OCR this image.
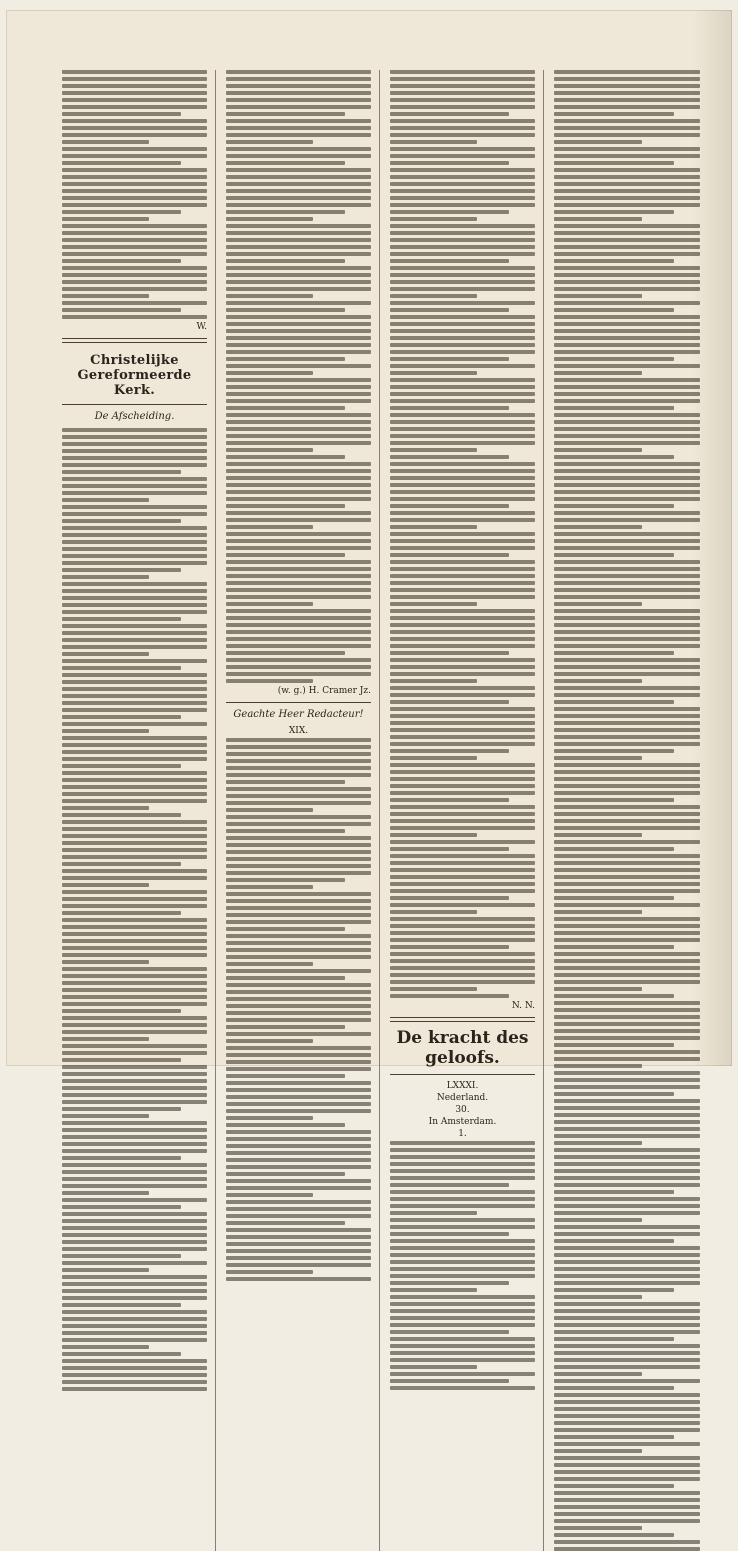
W.
Christelijke Gereformeerde Kerk.
De Afscheiding.
(w. g.) H. Cramer Jz.
Geachte Heer Redacteur!
XIX.
N. N.
De kracht des geloofs.
LXXXI.
Nederland.
30.
In Amsterdam.
1.
